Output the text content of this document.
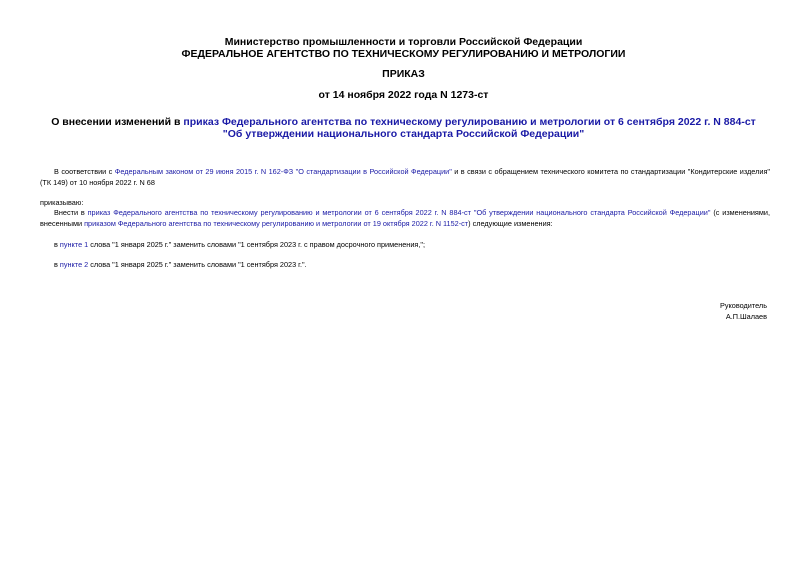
Министерство промышленности и торговли Российской Федерации
ФЕДЕРАЛЬНОЕ АГЕНТСТВО ПО ТЕХНИЧЕСКОМУ РЕГУЛИРОВАНИЮ И МЕТРОЛОГИИ
ПРИКАЗ
от 14 ноября 2022 года N 1273-ст
О внесении изменений в приказ Федерального агентства по техническому регулированию и метрологии от 6 сентября 2022 г. N 884-ст "Об утверждении национального стандарта Российской Федерации"
В соответствии с Федеральным законом от 29 июня 2015 г. N 162-ФЗ "О стандартизации в Российской Федерации" и в связи с обращением технического комитета по стандартизации "Кондитерские изделия" (ТК 149) от 10 ноября 2022 г. N 68
приказываю:
Внести в приказ Федерального агентства по техническому регулированию и метрологии от 6 сентября 2022 г. N 884-ст "Об утверждении национального стандарта Российской Федерации" (с изменениями, внесенными приказом Федерального агентства по техническому регулированию и метрологии от 19 октября 2022 г. N 1152-ст) следующие изменения:
в пункте 1 слова "1 января 2025 г." заменить словами "1 сентября 2023 г. с правом досрочного применения,";
в пункте 2 слова "1 января 2025 г." заменить словами "1 сентября 2023 г.".
Руководитель
А.П.Шалаев
